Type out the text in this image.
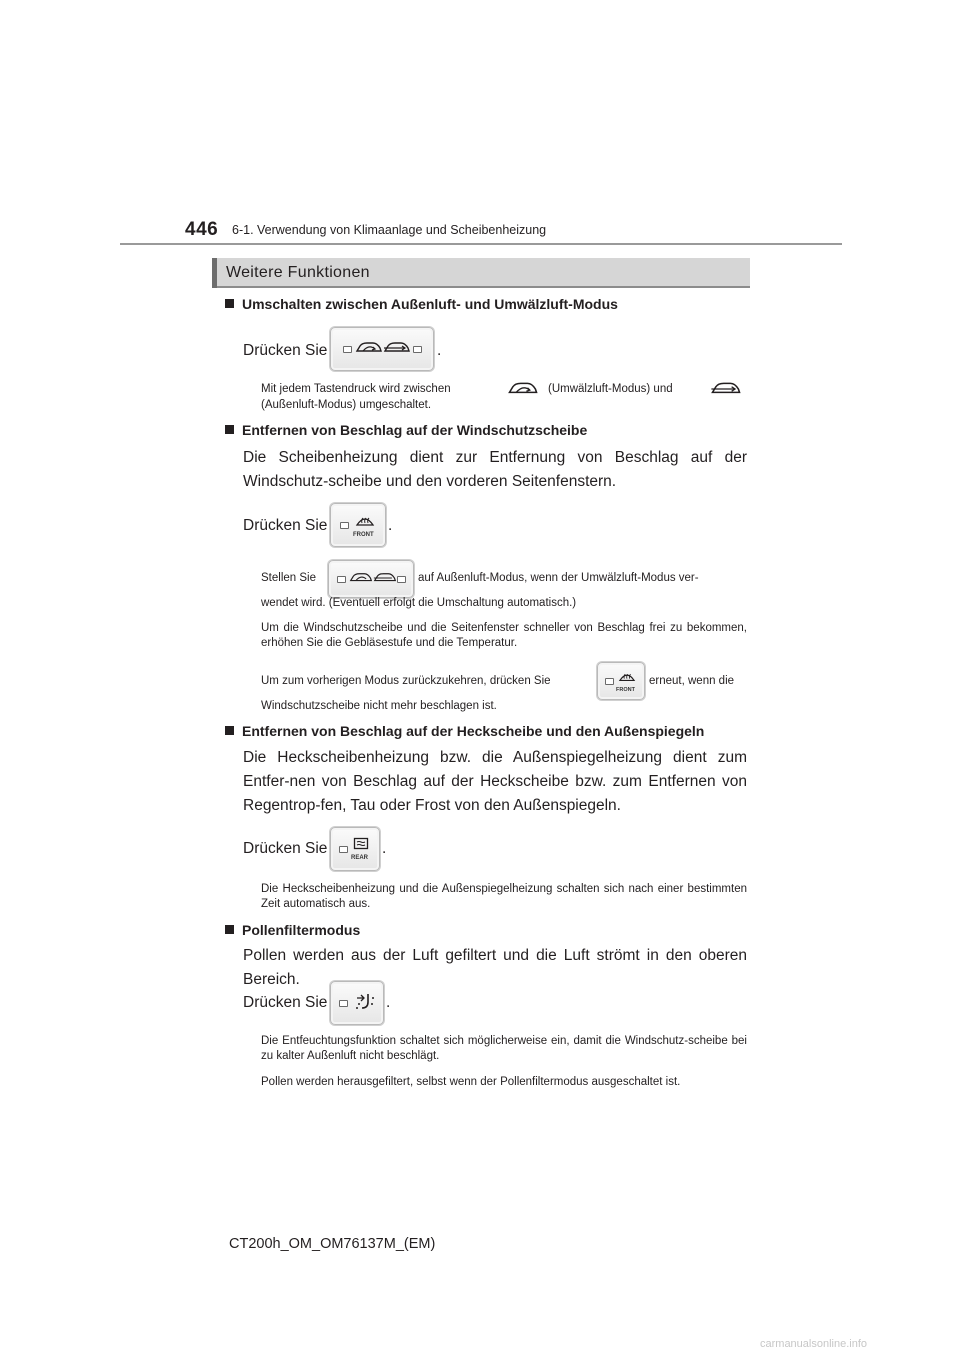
446 6-1. Verwendung von Klimaanlage und Scheibenheizung
Weitere Funktionen
Umschalten zwischen Außenluft- und Umwälzluft-Modus
Drücken Sie	.
Mit jedem Tastendruck wird zwischen	(Umwälzluft-Modus) und
(Außenluft-Modus) umgeschaltet.
Entfernen von Beschlag auf der Windschutzscheibe
Die Scheibenheizung dient zur Entfernung von Beschlag auf der Windschutz-scheibe und den vorderen Seitenfenstern.
Drücken Sie
FRONT
.
Stellen Sie	auf Außenluft-Modus, wenn der Umwälzluft-Modus ver-
wendet wird. (Eventuell erfolgt die Umschaltung automatisch.)
Um die Windschutzscheibe und die Seitenfenster schneller von Beschlag frei zu bekommen, erhöhen Sie die Gebläsestufe und die Temperatur.
Um zum vorherigen Modus zurückzukehren, drücken Sie
FRONT
erneut, wenn die
Windschutzscheibe nicht mehr beschlagen ist.
Entfernen von Beschlag auf der Heckscheibe und den Außenspiegeln
Die Heckscheibenheizung bzw. die Außenspiegelheizung dient zum Entfer-nen von Beschlag auf der Heckscheibe bzw. zum Entfernen von Regentrop-fen, Tau oder Frost von den Außenspiegeln.
Drücken Sie
REAR
.
Die Heckscheibenheizung und die Außenspiegelheizung schalten sich nach einer bestimmten Zeit automatisch aus.
Pollenfiltermodus
Pollen werden aus der Luft gefiltert und die Luft strömt in den oberen Bereich.
Drücken Sie	.
Die Entfeuchtungsfunktion schaltet sich möglicherweise ein, damit die Windschutz-scheibe bei zu kalter Außenluft nicht beschlägt.
Pollen werden herausgefiltert, selbst wenn der Pollenfiltermodus ausgeschaltet ist.
CT200h_OM_OM76137M_(EM)
carmanualsonline.info
